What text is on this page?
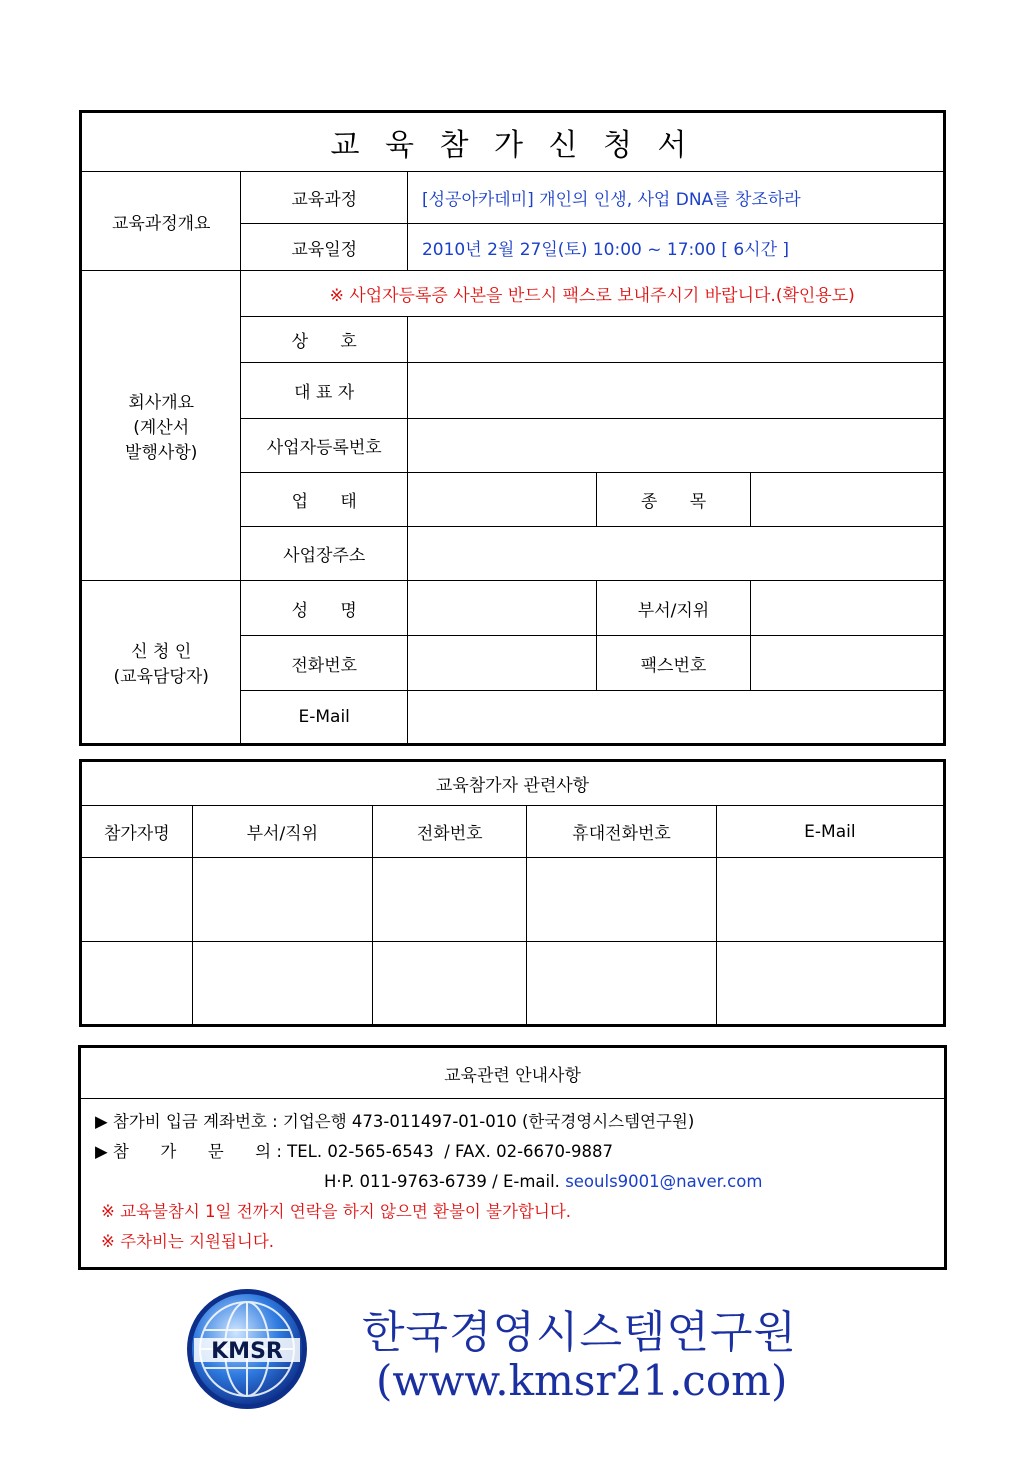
교 육 참 가 신 청 서				
교육과정개요	교육과정	[성공아카데미] 개인의 인생, 사업 DNA를 창조하라		
	교육일정	2010년 2월 27일(토) 10:00 ~ 17:00 [ 6시간 ]		

회사개요
(계산서
발행사항)	※ 사업자등록증 사본을 반드시 팩스로 보내주시기 바랍니다.(확인용도)			
	상      호			
	대 표 자			
	사업자등록번호			
	업      태		종      목	
	사업장주소			

신 청 인
(교육담당자)	성      명		부서/지위	
	전화번호		팩스번호	
	E-Mail			
교육참가자 관련사항				
참가자명	부서/직위	전화번호	휴대전화번호	E-Mail

교육관련 안내사항

▶ 참가비 입금 계좌번호 : 기업은행 473-011497-01-010 (한국경영시스템연구원)
▶ 참      가      문      의 : TEL. 02-565-6543  / FAX. 02-6670-9887
H·P. 011-9763-6739 / E-mail. seouls9001@naver.com
※ 교육불참시 1일 전까지 연락을 하지 않으면 환불이 불가합니다.
※ 주차비는 지원됩니다.
KMSR 한국경영시스템연구원
(www.kmsr21.com)
